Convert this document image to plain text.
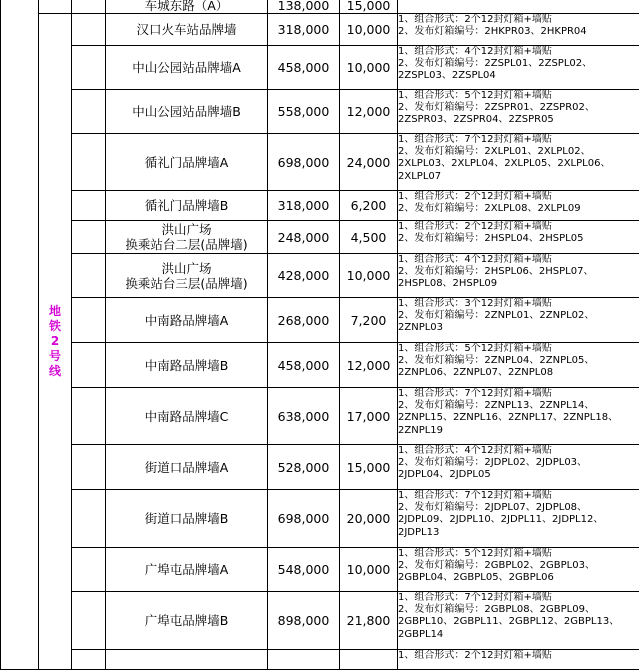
			车城东路（A）	138,000	15,000	
	地铁2号线		汉口火车站品牌墙	318,000	10,000	1、组合形式：2个12封灯箱+墙贴
2、发布灯箱编号：2HKPR03、2HKPR04
			中山公园站品牌墙A	458,000	10,000	1、组合形式：4个12封灯箱+墙贴
2、发布灯箱编号：2ZSPL01、2ZSPL02、
2ZSPL03、2ZSPL04
			中山公园站品牌墙B	558,000	12,000	1、组合形式：5个12封灯箱+墙贴
2、发布灯箱编号：2ZSPR01、2ZSPR02、
2ZSPR03、2ZSPR04、2ZSPR05
			循礼门品牌墙A	698,000	24,000	1、组合形式：7个12封灯箱+墙贴
2、发布灯箱编号：2XLPL01、2XLPL02、
2XLPL03、2XLPL04、2XLPL05、2XLPL06、
2XLPL07
			循礼门品牌墙B	318,000	6,200	1、组合形式：2个12封灯箱+墙贴
2、发布灯箱编号：2XLPL08、2XLPL09
			洪山广场
换乘站台二层(品牌墙)	248,000	4,500	1、组合形式：2个12封灯箱+墙贴
2、发布灯箱编号：2HSPL04、2HSPL05
			洪山广场
换乘站台三层(品牌墙)	428,000	10,000	1、组合形式：4个12封灯箱+墙贴
2、发布灯箱编号：2HSPL06、2HSPL07、
2HSPL08、2HSPL09
			中南路品牌墙A	268,000	7,200	1、组合形式：3个12封灯箱+墙贴
2、发布灯箱编号：2ZNPL01、2ZNPL02、
2ZNPL03
			中南路品牌墙B	458,000	12,000	1、组合形式：5个12封灯箱+墙贴
2、发布灯箱编号：2ZNPL04、2ZNPL05、
2ZNPL06、2ZNPL07、2ZNPL08
			中南路品牌墙C	638,000	17,000	1、组合形式：7个12封灯箱+墙贴
2、发布灯箱编号：2ZNPL13、2ZNPL14、
2ZNPL15、2ZNPL16、2ZNPL17、2ZNPL18、
2ZNPL19
			街道口品牌墙A	528,000	15,000	1、组合形式：4个12封灯箱+墙贴
2、发布灯箱编号：2JDPL02、2JDPL03、
2JDPL04、2JDPL05
			街道口品牌墙B	698,000	20,000	1、组合形式：7个12封灯箱+墙贴
2、发布灯箱编号：2JDPL07、2JDPL08、
2JDPL09、2JDPL10、2JDPL11、2JDPL12、
2JDPL13
			广埠屯品牌墙A	548,000	10,000	1、组合形式：5个12封灯箱+墙贴
2、发布灯箱编号：2GBPL02、2GBPL03、
2GBPL04、2GBPL05、2GBPL06
			广埠屯品牌墙B	898,000	21,800	1、组合形式：7个12封灯箱+墙贴
2、发布灯箱编号：2GBPL08、2GBPL09、
2GBPL10、2GBPL11、2GBPL12、2GBPL13、
2GBPL14
						1、组合形式：2个12封灯箱+墙贴
